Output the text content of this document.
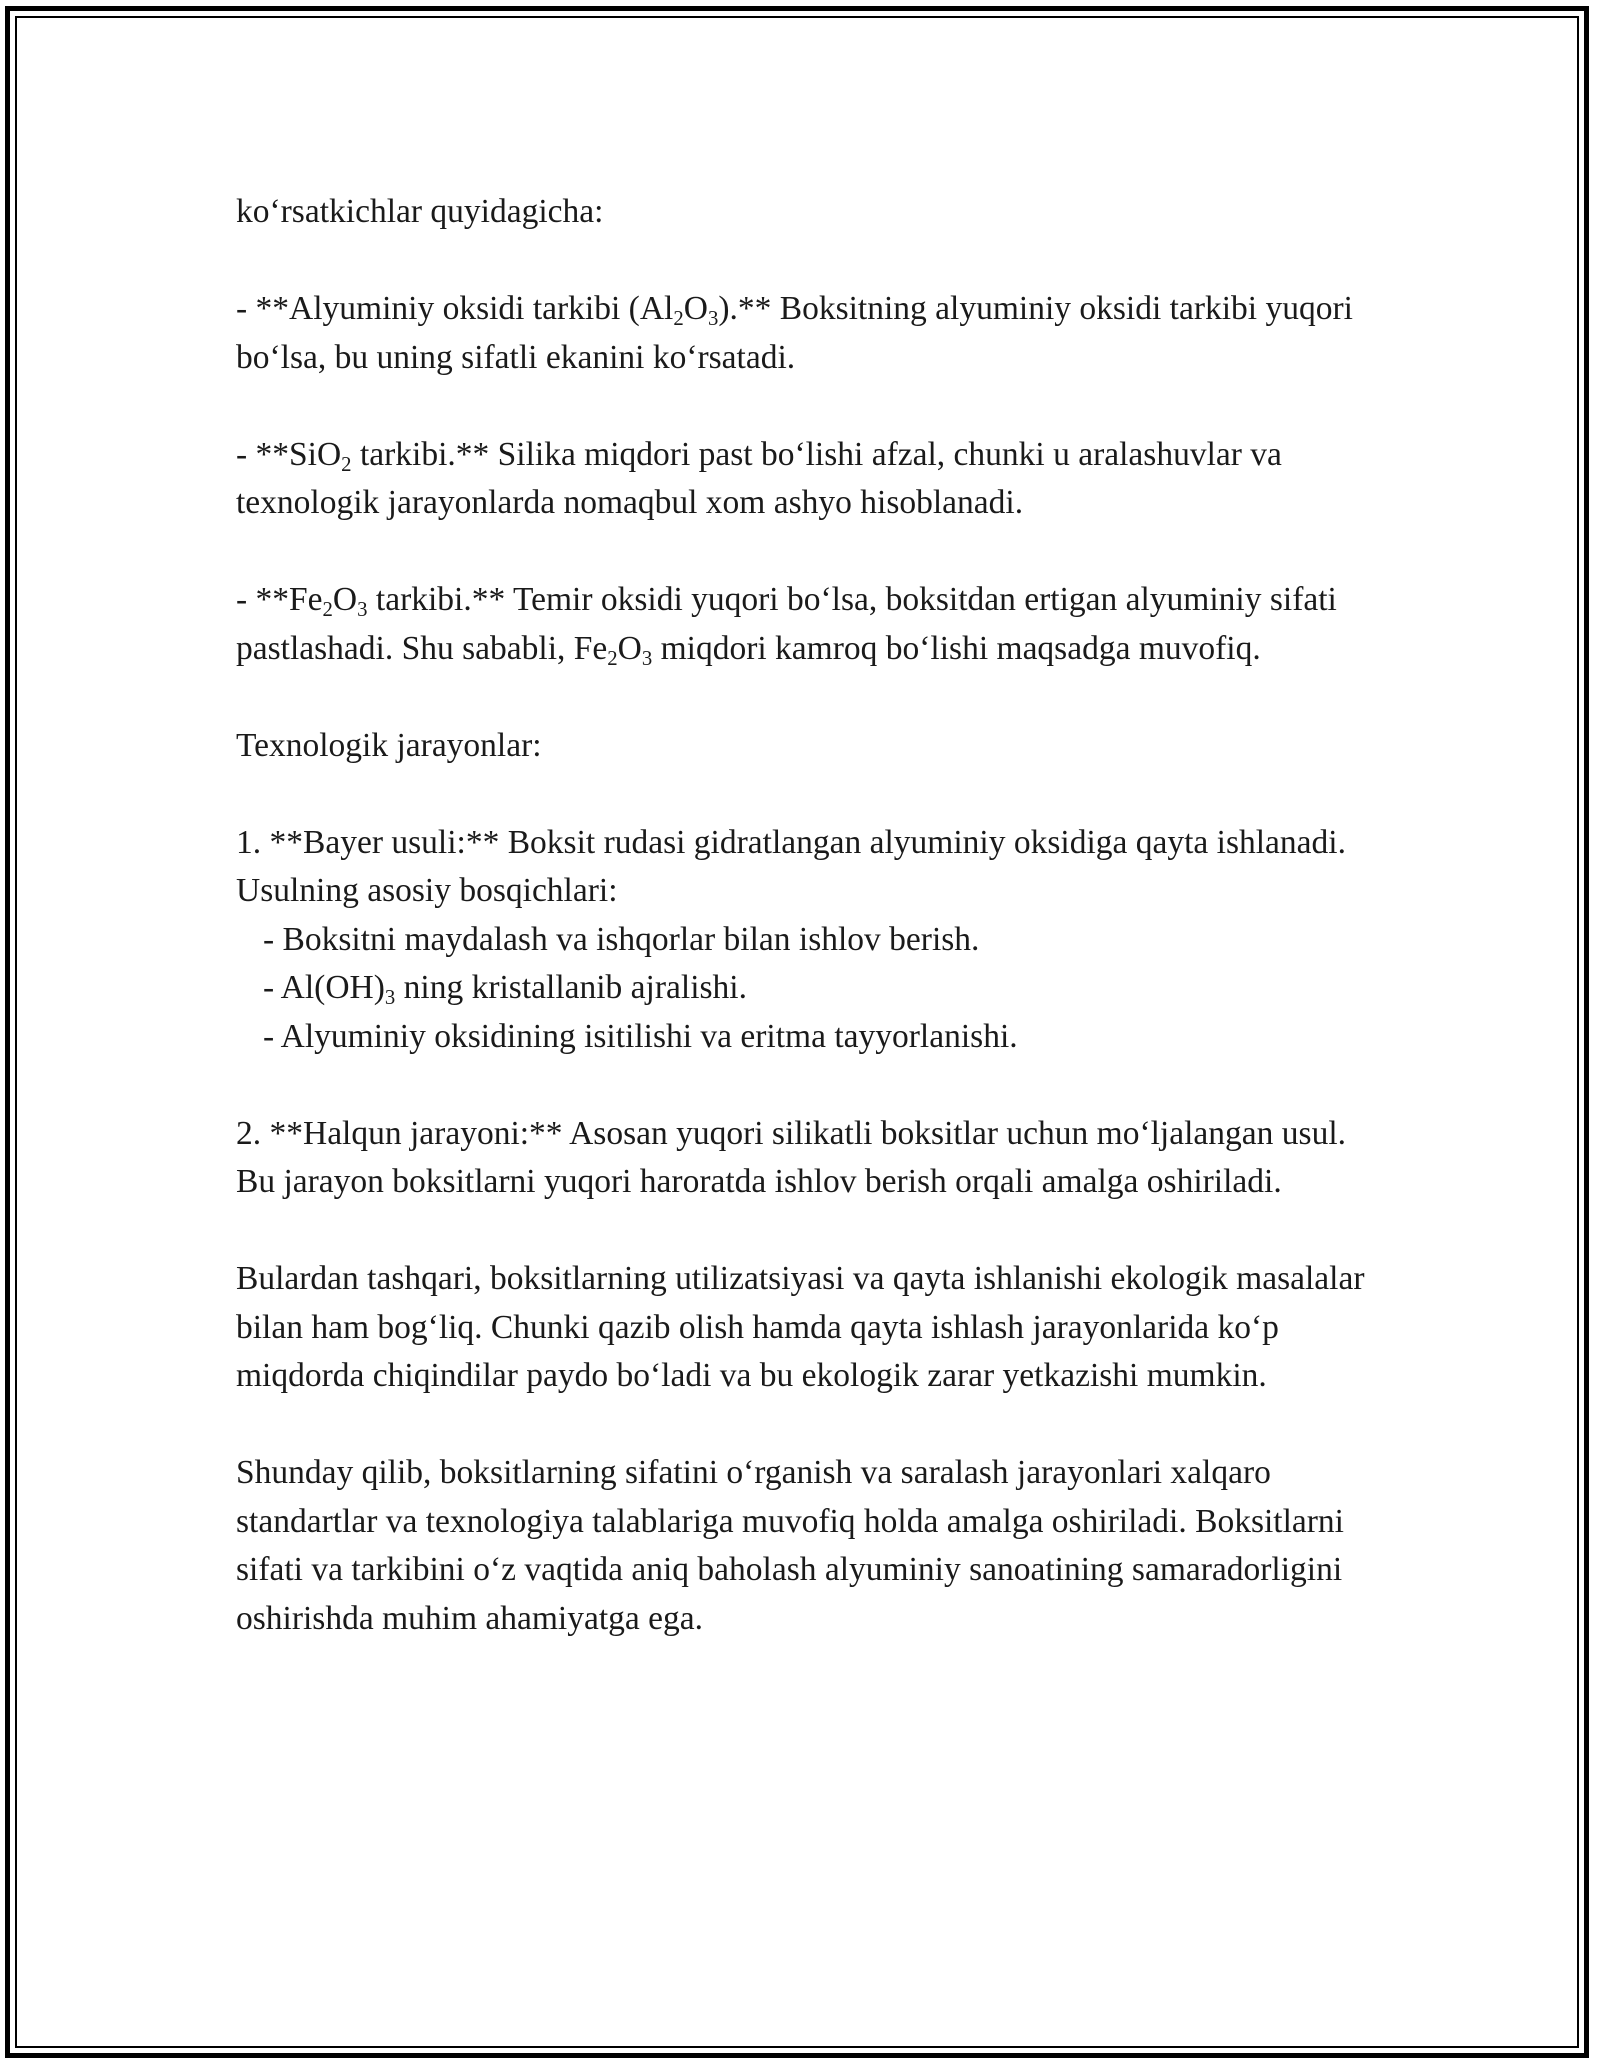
ko‘rsatkichlar quyidagicha:

- **Alyuminiy oksidi tarkibi $(Al_2O_3).**$ Boksitning alyuminiy oksidi tarkibi yuqori bo‘lsa, bu uning sifatli ekanini ko‘rsatadi.

- **SiO$_2$ tarkibi.** Silika miqdori past bo‘lishi afzal, chunki u aralashuvlar va texnologik jarayonlarda nomaqbul xom ashyo hisoblanadi.

- $**Fe_2O_3$ tarkibi.** Temir oksidi yuqori bo‘lsa, boksitdan ertigan alyuminiy sifati pastlashadi. Shu sababli, $Fe_2O_3$ miqdori kamroq bo‘lishi maqsadga muvofiq.

Texnologik jarayonlar:

1. **Bayer usuli:** Boksit rudasi gidratlangan alyuminiy oksidiga qayta ishlanadi. Usulning asosiy bosqichlari:

- Boksitni maydalash va ishqorlar bilan ishlov berish.
- $Al(OH)_3$ ning kristallanib ajralishi.

- Alyuminiy oksidining isitilishi va eritma tayyorlanishi.

2. **Halqun jarayoni:** Asosan yuqori silikatli boksitlar uchun mo‘ljalangan usul. Bu jarayon boksitlarni yuqori haroratda ishlov berish orqali amalga oshiriladi.

Bulardan tashqari, boksitlarning utilizatsiyasi va qayta ishlanishi ekologik masalalar bilan ham bog‘liq. Chunki qazib olish hamda qayta ishlash jarayonlarida ko‘p miqdorda chiqindilar paydo bo‘ladi va bu ekologik zarar yetkazishi mumkin.

Shunday qilib, boksitlarning sifatini o‘rganish va saralash jarayonlari xalqaro standartlar va texnologiya talablariga muvofiq holda amalga oshiriladi. Boksitlarni sifati va tarkibini o‘z vaqtida aniq baholash alyuminiy sanoatining samaradorligini oshirishda muhim ahamiyatga ega.
